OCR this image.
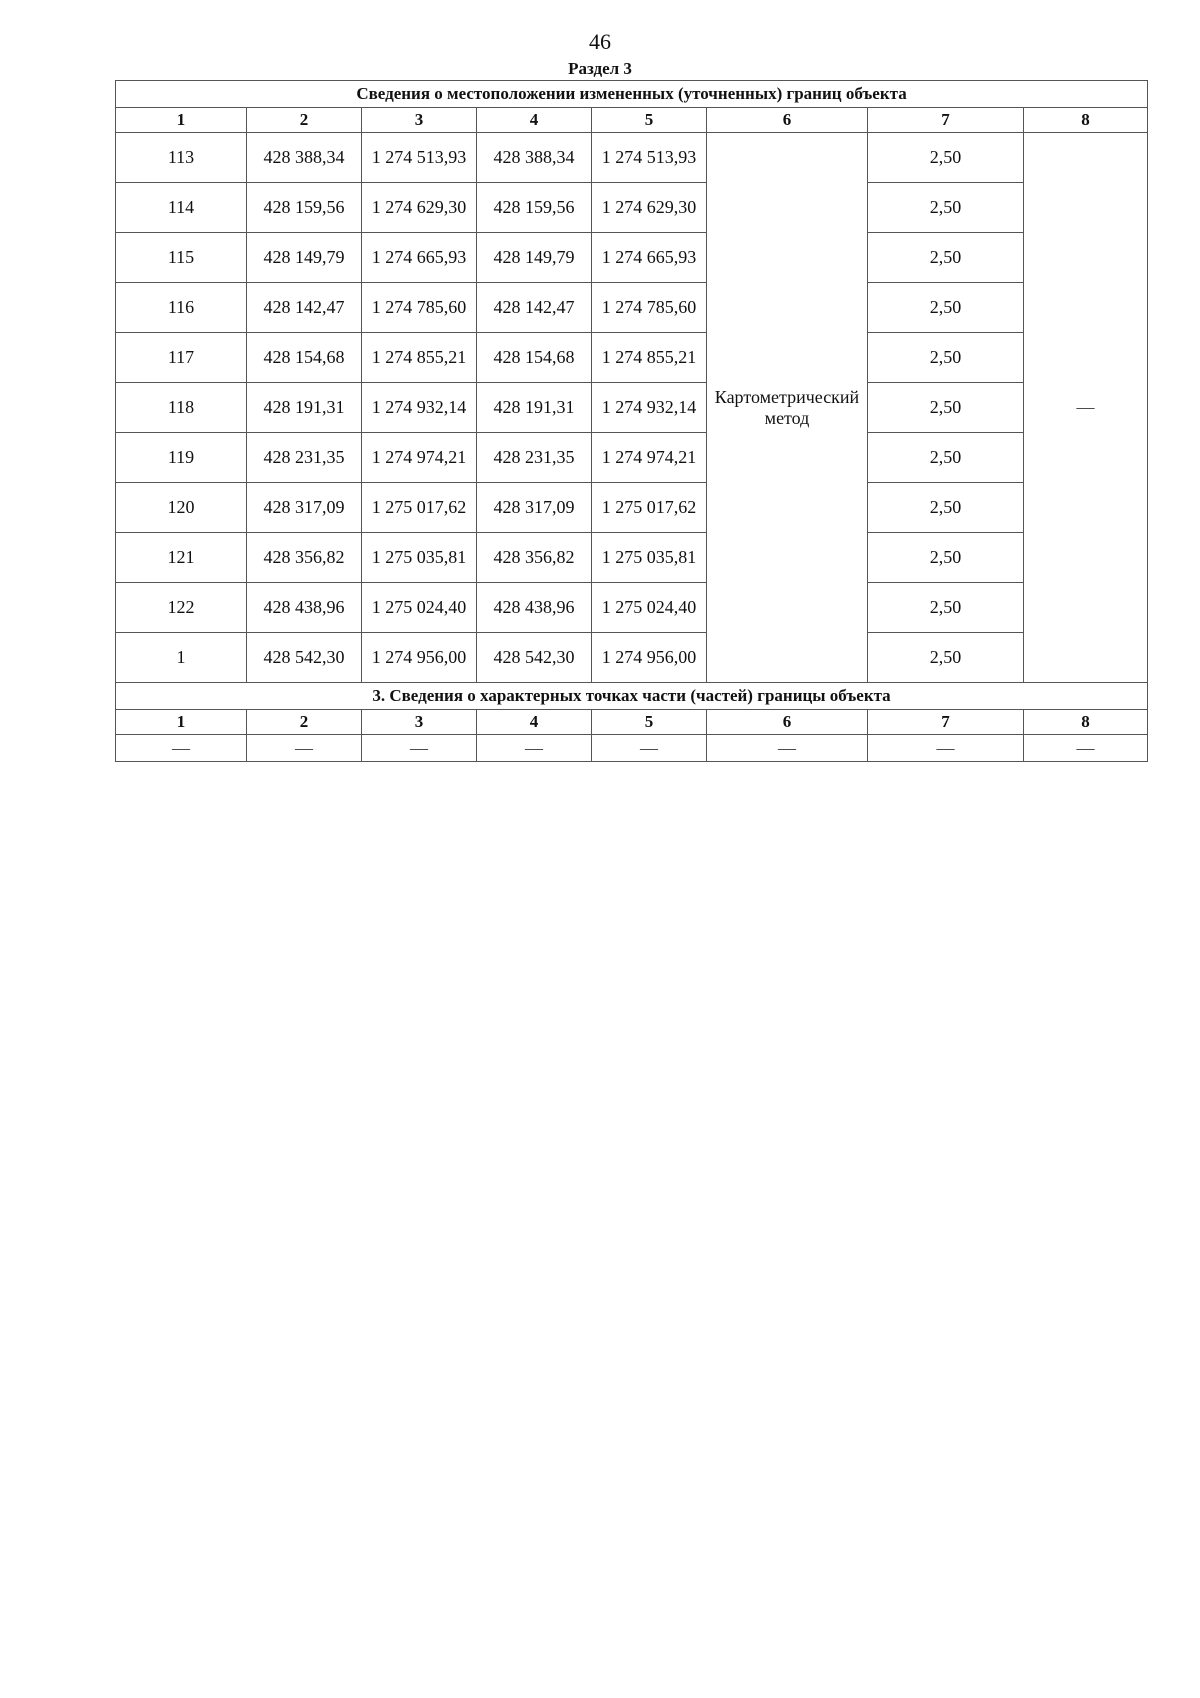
46
Раздел 3
Сведения о местоположении измененных (уточненных) границ объекта							
1	2	3	4	5	6	7	8
113	428 388,34	1 274 513,93	428 388,34	1 274 513,93	Картометрический метод	2,50	—
114	428 159,56	1 274 629,30	428 159,56	1 274 629,30		2,50	
115	428 149,79	1 274 665,93	428 149,79	1 274 665,93		2,50	
116	428 142,47	1 274 785,60	428 142,47	1 274 785,60		2,50	
117	428 154,68	1 274 855,21	428 154,68	1 274 855,21		2,50	
118	428 191,31	1 274 932,14	428 191,31	1 274 932,14		2,50	
119	428 231,35	1 274 974,21	428 231,35	1 274 974,21		2,50	
120	428 317,09	1 275 017,62	428 317,09	1 275 017,62		2,50	
121	428 356,82	1 275 035,81	428 356,82	1 275 035,81		2,50	
122	428 438,96	1 275 024,40	428 438,96	1 275 024,40		2,50	
1	428 542,30	1 274 956,00	428 542,30	1 274 956,00		2,50	
3. Сведения о характерных точках части (частей) границы объекта							
1	2	3	4	5	6	7	8
—	—	—	—	—	—	—	—
